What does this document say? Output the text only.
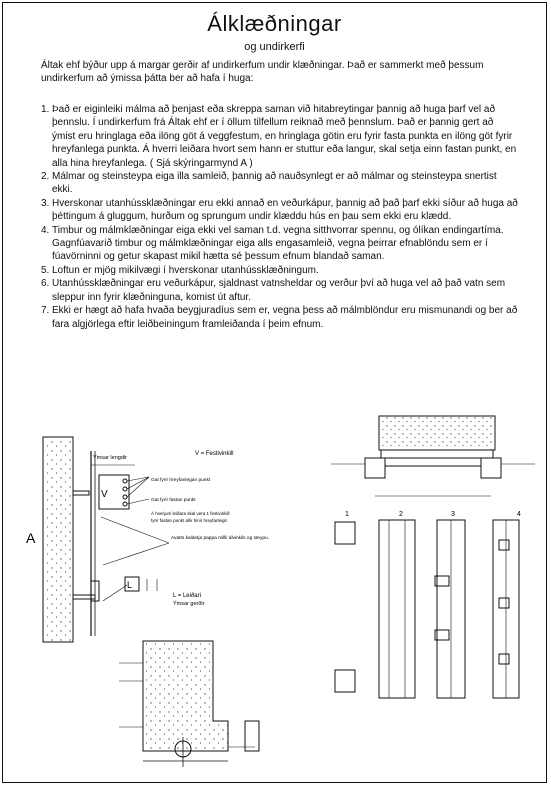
Álklæðningar
og undirkerfi
Áltak ehf býður upp á margar gerðir af undirkerfum undir klæðningar. Það er sammerkt með þessum undirkerfum að ýmissa þátta ber að hafa í huga:
1. Það er eiginleiki málma að þenjast eða skreppa saman við hitabreytingar þannig að huga þarf vel að þennslu. Í undirkerfum frá Áltak ehf er í öllum tilfellum reiknað með þennslum. Það er þannig gert að ýmist eru hringlaga eða ilöng göt á veggfestum, en hringlaga götin eru fyrir fasta punkta en ilöng göt fyrir hreyfanlega punkta. Á hverri leiðara hvort sem hann er stuttur eða langur, skal setja einn fastan punkt, en alla hina hreyfanlega. ( Sjá skýringarmynd A )
2. Málmar og steinsteypa eiga illa samleið, þannig að nauðsynlegt er að málmar og steinsteypa snertist ekki.
3. Hverskonar utanhússklæðningar eru ekki annað en veðurkápur, þannig að það þarf ekki síður að huga að þéttingum á gluggum, hurðum og sprungum undir klæddu hús en þau sem ekki eru klædd.
4. Timbur og málmklæðningar eiga ekki vel saman t.d. vegna sitthvorrar spennu, og ólíkan endingartíma. Gagnfúavarið timbur og málmklæðningar eiga alls engasamleið, vegna þeirrar efnablöndu sem er í fúavörninni og getur skapast mikil hætta sé þessum efnum blandað saman.
5. Loftun er mjög mikilvægi í hverskonar utanhússklæðningum.
6. Utanhússklæðningar eru veðurkápur, sjaldnast vatnsheldar og verður því að huga vel að það vatn sem sleppur inn fyrir klæðninguna, komist út aftur.
7. Ekki er hægt að hafa hvaða beygjuradíus sem er, vegna þess að málmblöndur eru mismunandi og ber að fara algjörlega eftir leiðbeiningum framleiðanda í þeim efnum.
Ýmsar lengdir
V
V = Festivinkill
Gat fyrir hreyfanlegan punkt
Gat fyrir fastan punkt
Á hverjum leiðara skal vera 1 festivinkill
fyrir fastan punkt allir hinir hreyfanlegir.
Avatts kaldetja pappa millli álvinkils og steypu.
A
L
L = Leiðari
Ýmsar gerðir
1	2	3	4
